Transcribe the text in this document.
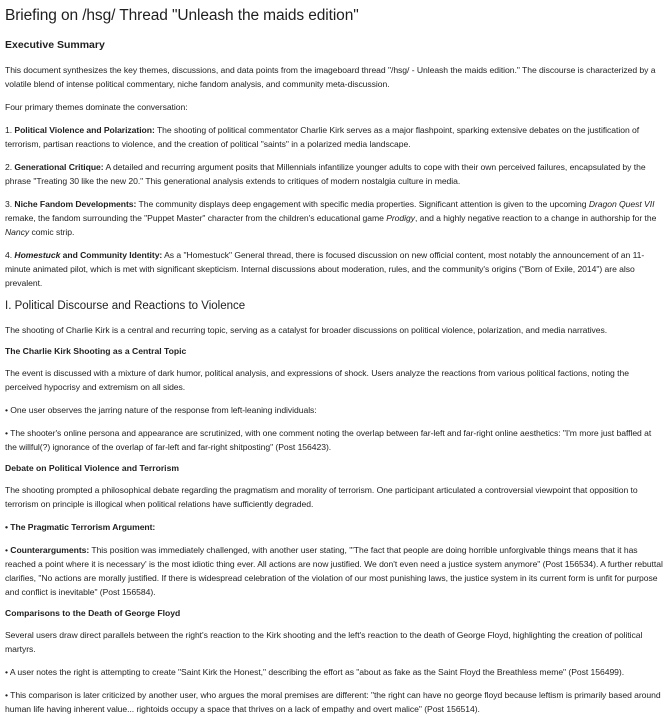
Briefing on /hsg/ Thread "Unleash the maids edition"
Executive Summary

This document synthesizes the key themes, discussions, and data points from the imageboard thread "/hsg/ - Unleash the maids edition." The discourse is characterized by a volatile blend of intense political commentary, niche fandom analysis, and community meta-discussion.

Four primary themes dominate the conversation:

1. Political Violence and Polarization: The shooting of political commentator Charlie Kirk serves as a major flashpoint, sparking extensive debates on the justification of terrorism, partisan reactions to violence, and the creation of political "saints" in a polarized media landscape.

2. Generational Critique: A detailed and recurring argument posits that Millennials infantilize younger adults to cope with their own perceived failures, encapsulated by the phrase "Treating 30 like the new 20." This generational analysis extends to critiques of modern nostalgia culture in media.

3. Niche Fandom Developments: The community displays deep engagement with specific media properties. Significant attention is given to the upcoming Dragon Quest VII remake, the fandom surrounding the "Puppet Master" character from the children's educational game Prodigy, and a highly negative reaction to a change in authorship for the Nancy comic strip.

4. Homestuck and Community Identity: As a "Homestuck" General thread, there is focused discussion on new official content, most notably the announcement of an 11-minute animated pilot, which is met with significant skepticism. Internal discussions about moderation, rules, and the community's origins ("Born of Exile, 2014") are also prevalent.

I. Political Discourse and Reactions to Violence

The shooting of Charlie Kirk is a central and recurring topic, serving as a catalyst for broader discussions on political violence, polarization, and media narratives.

The Charlie Kirk Shooting as a Central Topic

The event is discussed with a mixture of dark humor, political analysis, and expressions of shock. Users analyze the reactions from various political factions, noting the perceived hypocrisy and extremism on all sides.

• One user observes the jarring nature of the response from left-leaning individuals:

• The shooter's online persona and appearance are scrutinized, with one comment noting the overlap between far-left and far-right online aesthetics: "I'm more just baffled at the willful(?) ignorance of the overlap of far-left and far-right shitposting" (Post 156423).

Debate on Political Violence and Terrorism

The shooting prompted a philosophical debate regarding the pragmatism and morality of terrorism. One participant articulated a controversial viewpoint that opposition to terrorism on principle is illogical when political relations have sufficiently degraded.

• The Pragmatic Terrorism Argument:

• Counterarguments: This position was immediately challenged, with another user stating, "'The fact that people are doing horrible unforgivable things means that it has reached a point where it is necessary' is the most idiotic thing ever. All actions are now justified. We don't even need a justice system anymore" (Post 156534). A further rebuttal clarifies, "No actions are morally justified. If there is widespread celebration of the violation of our most punishing laws, the justice system in its current form is unfit for purpose and conflict is inevitable" (Post 156584).

Comparisons to the Death of George Floyd

Several users draw direct parallels between the right's reaction to the Kirk shooting and the left's reaction to the death of George Floyd, highlighting the creation of political martyrs.

• A user notes the right is attempting to create "Saint Kirk the Honest," describing the effort as "about as fake as the Saint Floyd the Breathless meme" (Post 156499).

• This comparison is later criticized by another user, who argues the moral premises are different: "the right can have no george floyd because leftism is primarily based around human life having inherent value... rightoids occupy a space that thrives on a lack of empathy and overt malice" (Post 156514).
